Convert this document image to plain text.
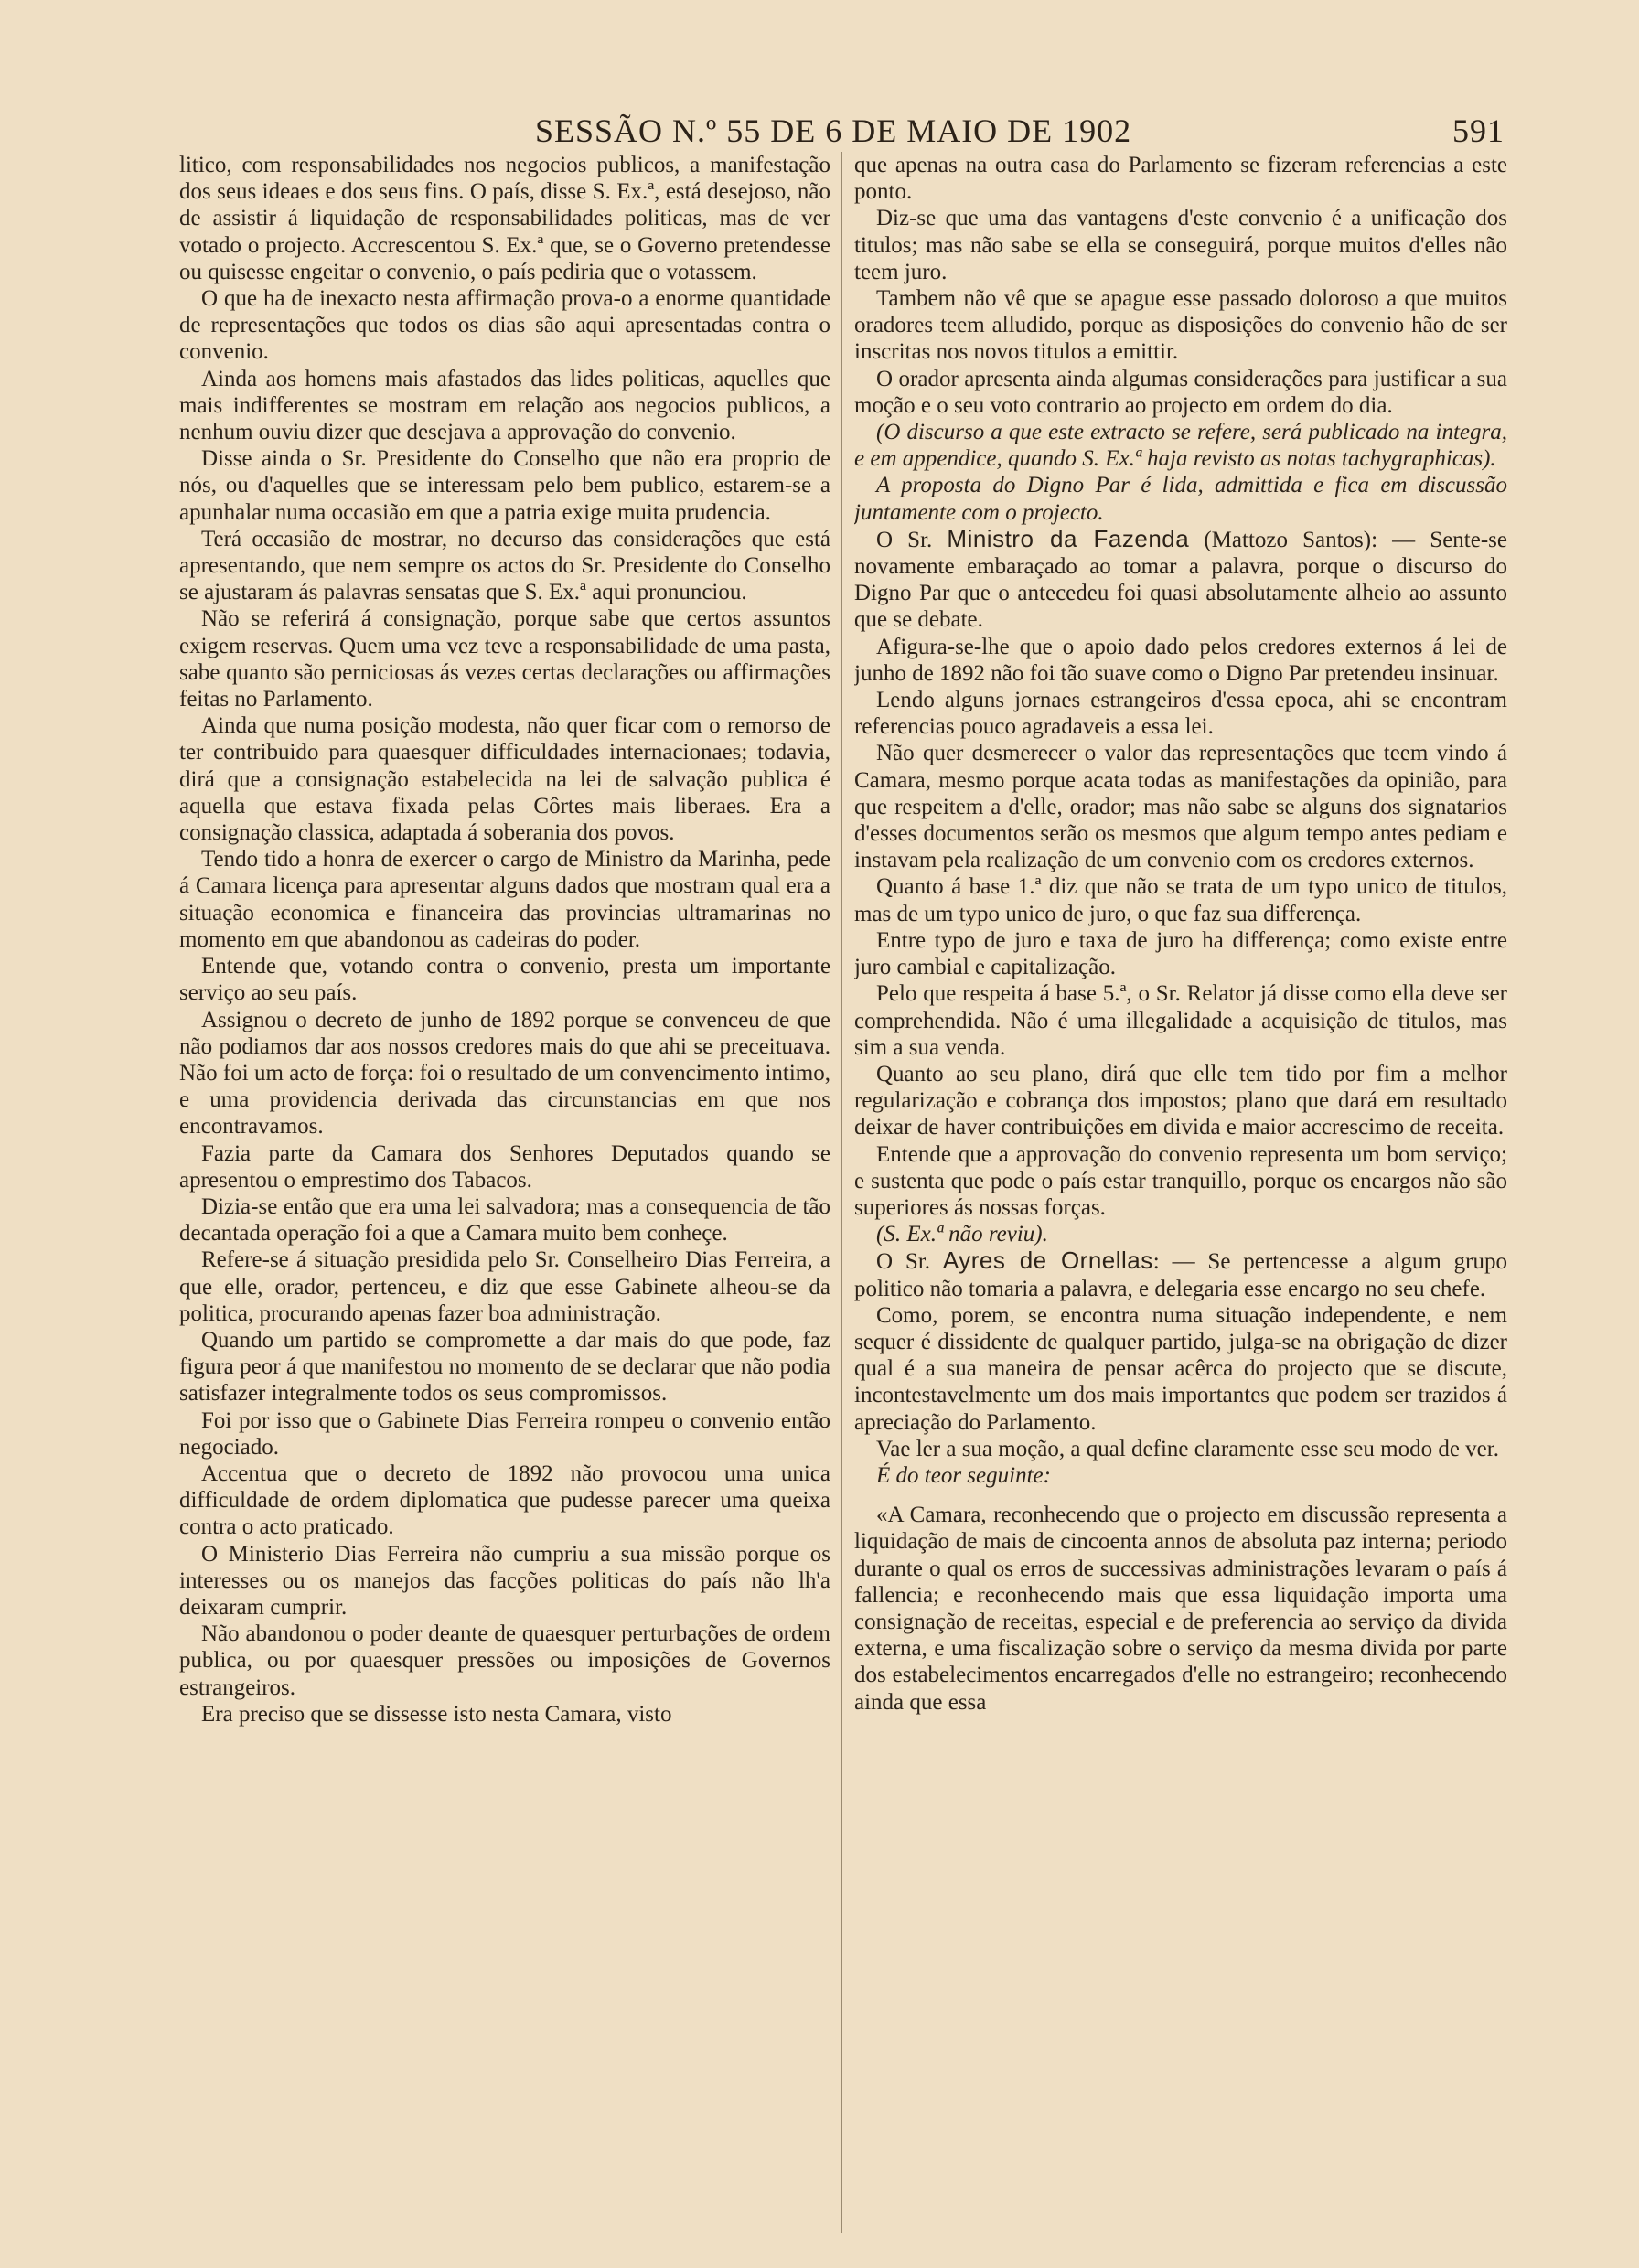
SESSÃO N.º 55 DE 6 DE MAIO DE 1902	591

litico, com responsabilidades nos negocios publicos, a manifestação dos seus ideaes e dos seus fins. O país, disse S. Ex.ª, está desejoso, não de assistir á liquidação de responsabilidades politicas, mas de ver votado o projecto. Accrescentou S. Ex.ª que, se o Governo pretendesse ou quisesse engeitar o convenio, o país pediria que o votassem.

O que ha de inexacto nesta affirmação prova-o a enorme quantidade de representações que todos os dias são aqui apresentadas contra o convenio.

Ainda aos homens mais afastados das lides politicas, aquelles que mais indifferentes se mostram em relação aos negocios publicos, a nenhum ouviu dizer que desejava a approvação do convenio.

Disse ainda o Sr. Presidente do Conselho que não era proprio de nós, ou d'aquelles que se interessam pelo bem publico, estarem-se a apunhalar numa occasião em que a patria exige muita prudencia.

Terá occasião de mostrar, no decurso das considerações que está apresentando, que nem sempre os actos do Sr. Presidente do Conselho se ajustaram ás palavras sensatas que S. Ex.ª aqui pronunciou.

Não se referirá á consignação, porque sabe que certos assuntos exigem reservas. Quem uma vez teve a responsabilidade de uma pasta, sabe quanto são perniciosas ás vezes certas declarações ou affirmações feitas no Parlamento.

Ainda que numa posição modesta, não quer ficar com o remorso de ter contribuido para quaesquer difficuldades internacionaes; todavia, dirá que a consignação estabelecida na lei de salvação publica é aquella que estava fixada pelas Côrtes mais liberaes. Era a consignação classica, adaptada á soberania dos povos.

Tendo tido a honra de exercer o cargo de Ministro da Marinha, pede á Camara licença para apresentar alguns dados que mostram qual era a situação economica e financeira das provincias ultramarinas no momento em que abandonou as cadeiras do poder.

Entende que, votando contra o convenio, presta um importante serviço ao seu país.

Assignou o decreto de junho de 1892 porque se convenceu de que não podiamos dar aos nossos credores mais do que ahi se preceituava. Não foi um acto de força: foi o resultado de um convencimento intimo, e uma providencia derivada das circunstancias em que nos encontravamos.

Fazia parte da Camara dos Senhores Deputados quando se apresentou o emprestimo dos Tabacos.

Dizia-se então que era uma lei salvadora; mas a consequencia de tão decantada operação foi a que a Camara muito bem conheçe.

Refere-se á situação presidida pelo Sr. Conselheiro Dias Ferreira, a que elle, orador, pertenceu, e diz que esse Gabinete alheou-se da politica, procurando apenas fazer boa administração.

Quando um partido se compromette a dar mais do que pode, faz figura peor á que manifestou no momento de se declarar que não podia satisfazer integralmente todos os seus compromissos.

Foi por isso que o Gabinete Dias Ferreira rompeu o convenio então negociado.

Accentua que o decreto de 1892 não provocou uma unica difficuldade de ordem diplomatica que pudesse parecer uma queixa contra o acto praticado.

O Ministerio Dias Ferreira não cumpriu a sua missão porque os interesses ou os manejos das facções politicas do país não lh'a deixaram cumprir.

Não abandonou o poder deante de quaesquer perturbações de ordem publica, ou por quaesquer pressões ou imposições de Governos estrangeiros.

Era preciso que se dissesse isto nesta Camara, visto

que apenas na outra casa do Parlamento se fizeram referencias a este ponto.

Diz-se que uma das vantagens d'este convenio é a unificação dos titulos; mas não sabe se ella se conseguirá, porque muitos d'elles não teem juro.

Tambem não vê que se apague esse passado doloroso a que muitos oradores teem alludido, porque as disposições do convenio hão de ser inscritas nos novos titulos a emittir.

O orador apresenta ainda algumas considerações para justificar a sua moção e o seu voto contrario ao projecto em ordem do dia.

(O discurso a que este extracto se refere, será publicado na integra, e em appendice, quando S. Ex.ª haja revisto as notas tachygraphicas).

A proposta do Digno Par é lida, admittida e fica em discussão juntamente com o projecto.

O Sr. Ministro da Fazenda (Mattozo Santos): — Sente-se novamente embaraçado ao tomar a palavra, porque o discurso do Digno Par que o antecedeu foi quasi absolutamente alheio ao assunto que se debate.

Afigura-se-lhe que o apoio dado pelos credores externos á lei de junho de 1892 não foi tão suave como o Digno Par pretendeu insinuar.

Lendo alguns jornaes estrangeiros d'essa epoca, ahi se encontram referencias pouco agradaveis a essa lei.

Não quer desmerecer o valor das representações que teem vindo á Camara, mesmo porque acata todas as manifestações da opinião, para que respeitem a d'elle, orador; mas não sabe se alguns dos signatarios d'esses documentos serão os mesmos que algum tempo antes pediam e instavam pela realização de um convenio com os credores externos.

Quanto á base 1.ª diz que não se trata de um typo unico de titulos, mas de um typo unico de juro, o que faz sua differença.

Entre typo de juro e taxa de juro ha differença; como existe entre juro cambial e capitalização.

Pelo que respeita á base 5.ª, o Sr. Relator já disse como ella deve ser comprehendida. Não é uma illegalidade a acquisição de titulos, mas sim a sua venda.

Quanto ao seu plano, dirá que elle tem tido por fim a melhor regularização e cobrança dos impostos; plano que dará em resultado deixar de haver contribuições em divida e maior accrescimo de receita.

Entende que a approvação do convenio representa um bom serviço; e sustenta que pode o país estar tranquillo, porque os encargos não são superiores ás nossas forças.

(S. Ex.ª não reviu).

O Sr. Ayres de Ornellas: — Se pertencesse a algum grupo politico não tomaria a palavra, e delegaria esse encargo no seu chefe.

Como, porem, se encontra numa situação independente, e nem sequer é dissidente de qualquer partido, julga-se na obrigação de dizer qual é a sua maneira de pensar acêrca do projecto que se discute, incontestavelmente um dos mais importantes que podem ser trazidos á apreciação do Parlamento.

Vae ler a sua moção, a qual define claramente esse seu modo de ver.

É do teor seguinte:

«A Camara, reconhecendo que o projecto em discussão representa a liquidação de mais de cincoenta annos de absoluta paz interna; periodo durante o qual os erros de successivas administrações levaram o país á fallencia; e reconhecendo mais que essa liquidação importa uma consignação de receitas, especial e de preferencia ao serviço da divida externa, e uma fiscalização sobre o serviço da mesma divida por parte dos estabelecimentos encarregados d'elle no estrangeiro; reconhecendo ainda que essa
